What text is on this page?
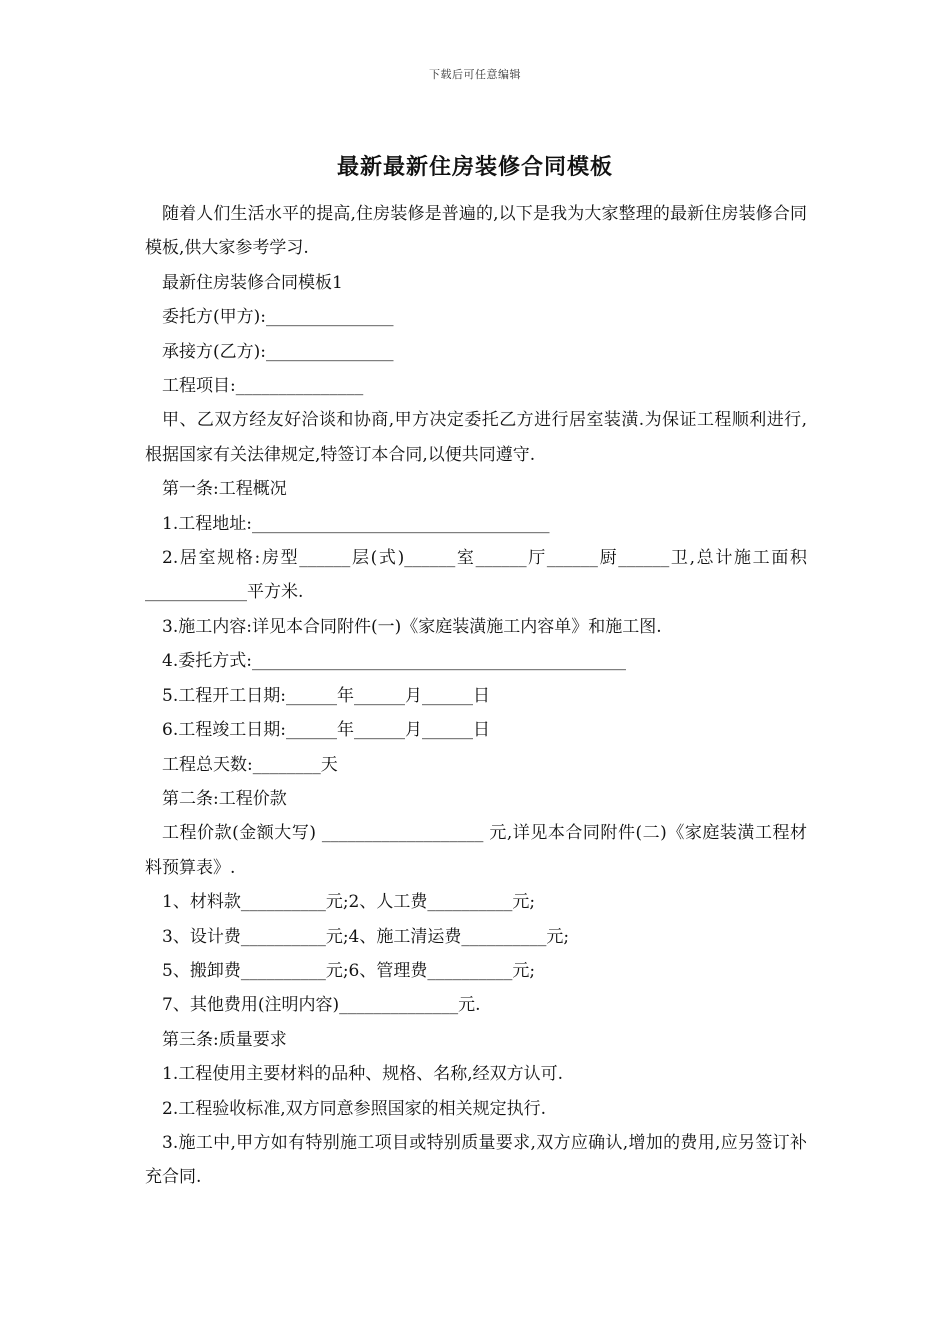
下载后可任意编辑
最新最新住房装修合同模板

随着人们生活水平的提高,住房装修是普遍的,以下是我为大家整理的最新住房装修合同模板,供大家参考学习.

最新住房装修合同模板1

委托方(甲方):_______________

承接方(乙方):_______________

工程项目:_______________

甲、乙双方经友好洽谈和协商,甲方决定委托乙方进行居室装潢.为保证工程顺利进行,根据国家有关法律规定,特签订本合同,以便共同遵守.

第一条:工程概况

1.工程地址:___________________________________

2.居室规格:房型______层(式)______室______厅______厨______卫,总计施工面积____________平方米.

3.施工内容:详见本合同附件(一)《家庭装潢施工内容单》和施工图.

4.委托方式:____________________________________________

5.工程开工日期:______年______月______日

6.工程竣工日期:______年______月______日

工程总天数:________天

第二条:工程价款

工程价款(金额大写) ___________________ 元,详见本合同附件(二)《家庭装潢工程材料预算表》.

1、材料款__________元;2、人工费__________元;

3、设计费__________元;4、施工清运费__________元;

5、搬卸费__________元;6、管理费__________元;

7、其他费用(注明内容)______________元.

第三条:质量要求

1.工程使用主要材料的品种、规格、名称,经双方认可.

2.工程验收标准,双方同意参照国家的相关规定执行.

3.施工中,甲方如有特别施工项目或特别质量要求,双方应确认,增加的费用,应另签订补充合同.
